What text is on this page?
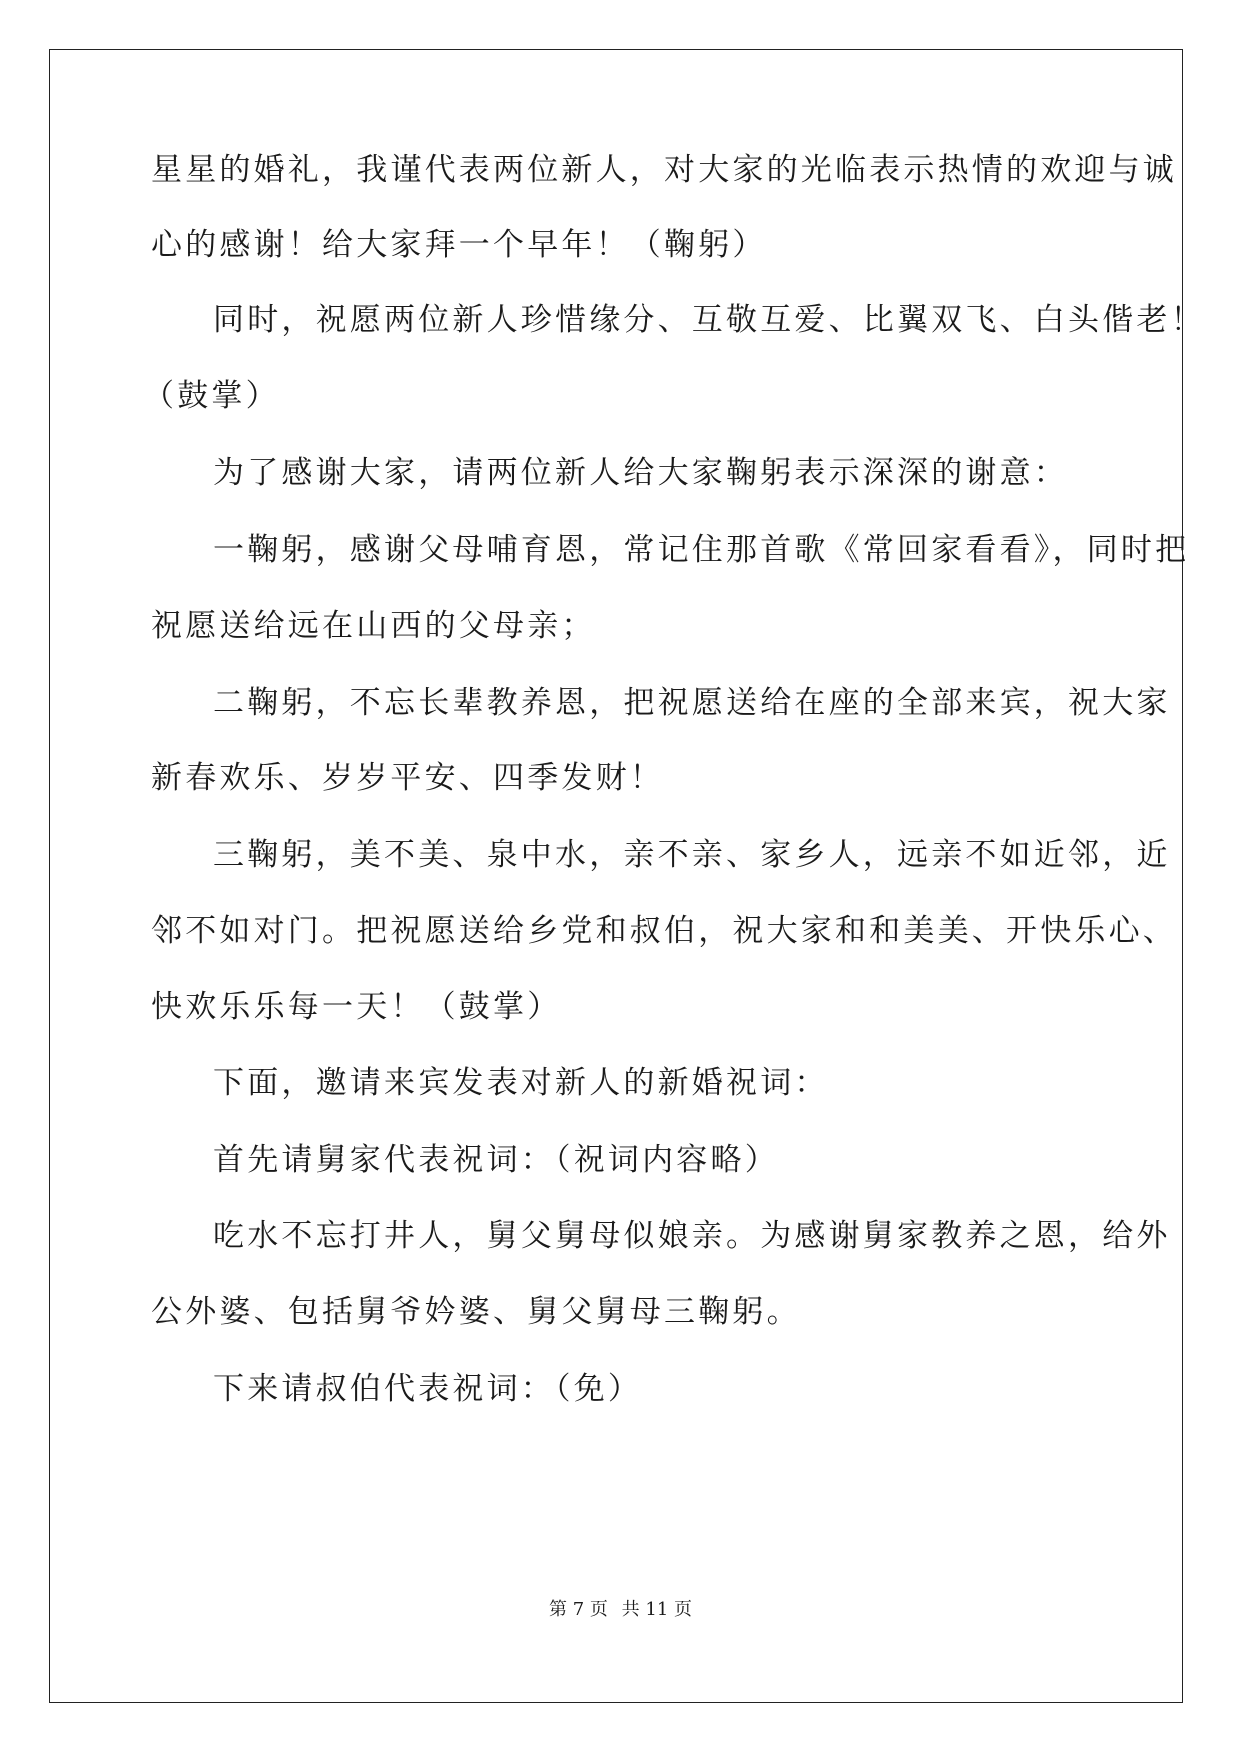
星星的婚礼，我谨代表两位新人，对大家的光临表示热情的欢迎与诚
心的感谢！给大家拜一个早年！（鞠躬）
同时，祝愿两位新人珍惜缘分、互敬互爱、比翼双飞、白头偕老！
（鼓掌）
为了感谢大家，请两位新人给大家鞠躬表示深深的谢意：
一鞠躬，感谢父母哺育恩，常记住那首歌《常回家看看》，同时把
祝愿送给远在山西的父母亲；
二鞠躬，不忘长辈教养恩，把祝愿送给在座的全部来宾，祝大家
新春欢乐、岁岁平安、四季发财！
三鞠躬，美不美、泉中水，亲不亲、家乡人，远亲不如近邻，近
邻不如对门。把祝愿送给乡党和叔伯，祝大家和和美美、开快乐心、
快欢乐乐每一天！（鼓掌）
下面，邀请来宾发表对新人的新婚祝词：
首先请舅家代表祝词：（祝词内容略）
吃水不忘打井人，舅父舅母似娘亲。为感谢舅家教养之恩，给外
公外婆、包括舅爷妗婆、舅父舅母三鞠躬。
下来请叔伯代表祝词：（免）
第 7 页 共 11 页
